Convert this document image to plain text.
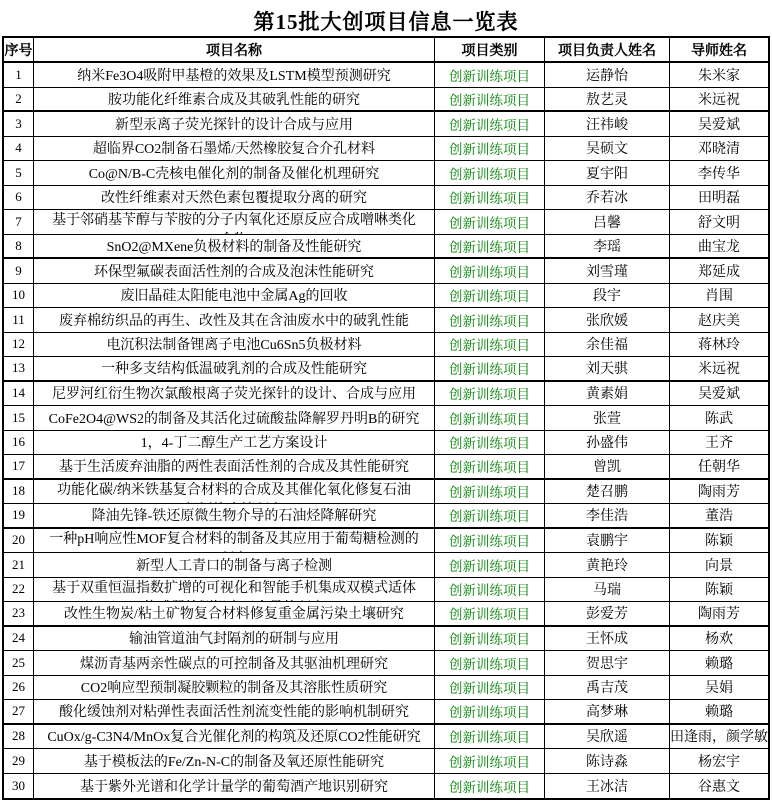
第15批大创项目信息一览表
序号	项目名称	项目类别	项目负责人姓名	导师姓名
1	纳米Fe3O4吸附甲基橙的效果及LSTM模型预测研究	创新训练项目	运静怡	朱米家
2	胺功能化纤维素合成及其破乳性能的研究	创新训练项目	敖艺灵	米远祝
3	新型汞离子荧光探针的设计合成与应用	创新训练项目	汪祎峻	吴爱斌
4	超临界CO2制备石墨烯/天然橡胶复合介孔材料	创新训练项目	吴硕文	邓晓清
5	Co@N/B-C壳核电催化剂的制备及催化机理研究	创新训练项目	夏宇阳	李传华
6	改性纤维素对天然色素包覆提取分离的研究	创新训练项目	乔若冰	田明磊
7	基于邻硝基苄醇与苄胺的分子内氧化还原反应合成噌啉类化	创新训练项目	吕馨	舒文明
8	SnO2@MXene负极材料的制备及性能研究	创新训练项目	李瑶	曲宝龙
9	环保型氟碳表面活性剂的合成及泡沫性能研究	创新训练项目	刘雪瑾	郑延成
10	废旧晶硅太阳能电池中金属Ag的回收	创新训练项目	段宇	肖围
11	废弃棉纺织品的再生、改性及其在含油废水中的破乳性能	创新训练项目	张欣媛	赵庆美
12	电沉积法制备锂离子电池Cu6Sn5负极材料	创新训练项目	余佳福	蒋林玲
13	一种多支结构低温破乳剂的合成及性能研究	创新训练项目	刘天骐	米远祝
14	尼罗河红衍生物次氯酸根离子荧光探针的设计、合成与应用	创新训练项目	黄素娟	吴爱斌
15	CoFe2O4@WS2的制备及其活化过硫酸盐降解罗丹明B的研究	创新训练项目	张萱	陈武
16	1，4-丁二醇生产工艺方案设计	创新训练项目	孙盛伟	王齐
17	基于生活废弃油脂的两性表面活性剂的合成及其性能研究	创新训练项目	曾凯	任朝华
18	功能化碳/纳米铁基复合材料的合成及其催化氧化修复石油	创新训练项目	楚召鹏	陶雨芳
19	降油先锋-铁还原微生物介导的石油烃降解研究	创新训练项目	李佳浩	董浩
20	一种pH响应性MOF复合材料的制备及其应用于葡萄糖检测的	创新训练项目	袁鹏宇	陈颖
21	新型人工青口的制备与离子检测	创新训练项目	黄艳玲	向景
22	基于双重恒温指数扩增的可视化和智能手机集成双模式适体	创新训练项目	马瑞	陈颖
23	改性生物炭/粘土矿物复合材料修复重金属污染土壤研究	创新训练项目	彭爱芳	陶雨芳
24	输油管道油气封隔剂的研制与应用	创新训练项目	王怀成	杨欢
25	煤沥青基两亲性碳点的可控制备及其驱油机理研究	创新训练项目	贺思宇	赖璐
26	CO2响应型预制凝胶颗粒的制备及其溶胀性质研究	创新训练项目	禹吉茂	吴娟
27	酸化缓蚀剂对粘弹性表面活性剂流变性能的影响机制研究	创新训练项目	高梦琳	赖璐
28	CuOx/g-C3N4/MnOx复合光催化剂的构筑及还原CO2性能研究	创新训练项目	吴欣遥	田逢雨，颜学敏
29	基于模板法的Fe/Zn-N-C的制备及氧还原性能研究	创新训练项目	陈诗淼	杨宏宇
30	基于紫外光谱和化学计量学的葡萄酒产地识别研究	创新训练项目	王冰洁	谷惠文
